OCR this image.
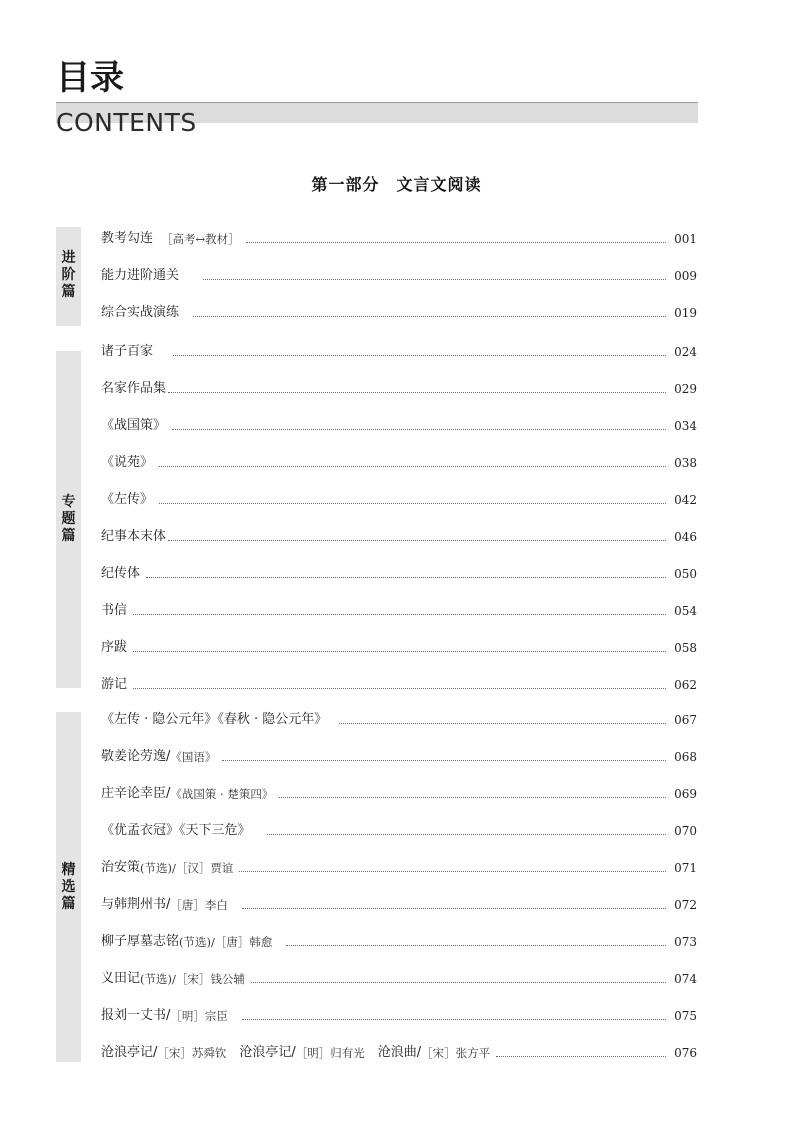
目录
CONTENTS
第一部分　文言文阅读
进
阶
篇
教考勾连 ［高考↔教材］	001
能力进阶通关	009
综合实战演练	019
专
题
篇
诸子百家	024
名家作品集	029
《战国策》	034
《说苑》	038
《左传》	042
纪事本末体	046
纪传体	050
书信	054
序跋	058
游记	062
精
选
篇
《左传 · 隐公元年》《春秋 · 隐公元年》	067
敬姜论劳逸/ 《国语》	068
庄辛论幸臣/ 《战国策 · 楚策四》	069
《优孟衣冠》《天下三危》	070
治安策 (节选)/［汉］贾谊	071
与韩荆州书/ ［唐］李白	072
柳子厚墓志铭 (节选)/［唐］韩愈	073
义田记 (节选)/［宋］钱公辅	074
报刘一丈书/ ［明］宗臣	075
沧浪亭记/ ［宋］苏舜钦 　沧浪亭记/ ［明］归有光 　沧浪曲/ ［宋］张方平	076
